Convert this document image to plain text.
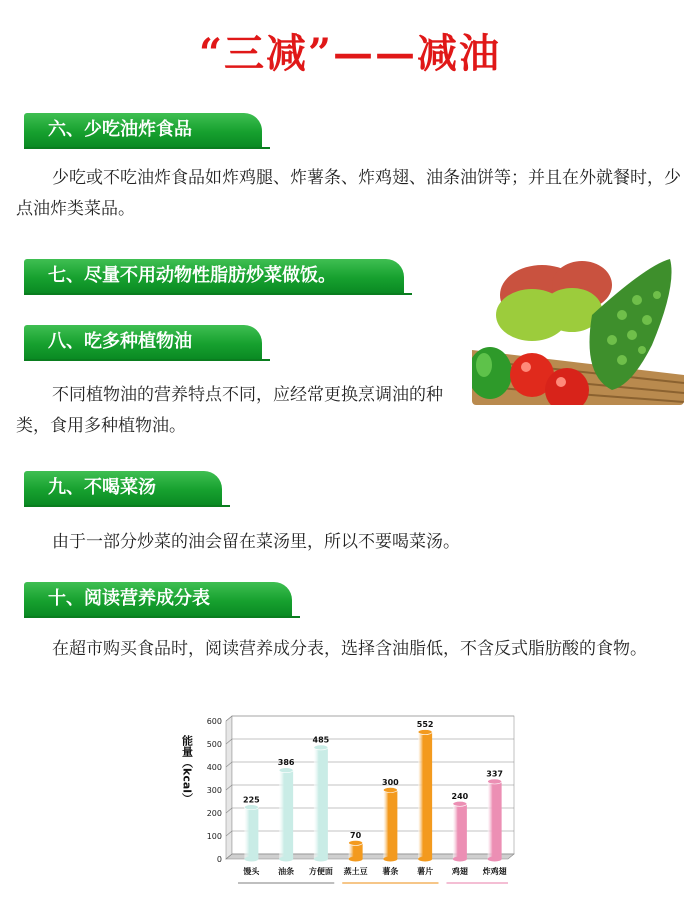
“三减”——减油
六、少吃油炸食品
少吃或不吃油炸食品如炸鸡腿、炸薯条、炸鸡翅、油条油饼等；并且在外就餐时，少点油炸类菜品。
七、尽量不用动物性脂肪炒菜做饭。
八、吃多种植物油
不同植物油的营养特点不同，应经常更换烹调油的种类，食用多种植物油。
九、不喝菜汤
由于一部分炒菜的油会留在菜汤里，所以不要喝菜汤。
十、阅读营养成分表
在超市购买食品时，阅读营养成分表，选择含油脂低，不含反式脂肪酸的食物。
能量（kcal）
0
100
200
300
400
500
600
225
馒头
386
油条
485
方便面
70
蒸土豆
300
薯条
552
薯片
240
鸡翅
337
炸鸡翅
